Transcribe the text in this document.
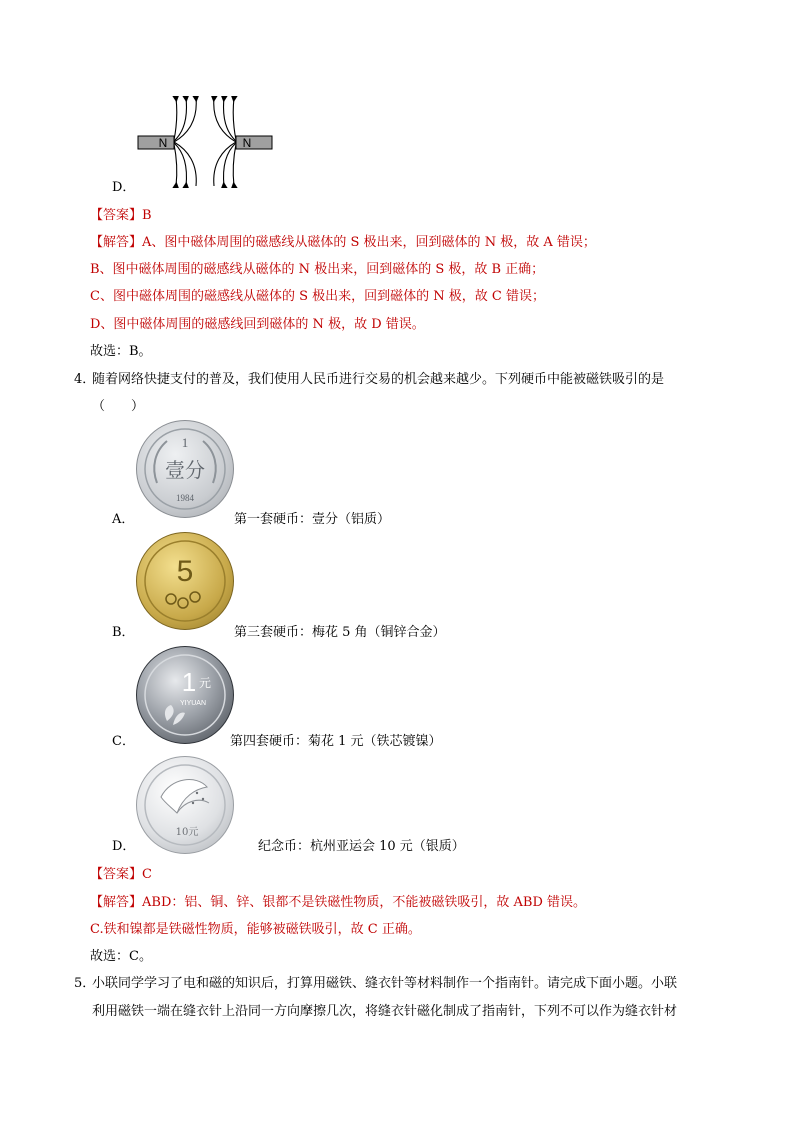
N	N
D．
【答案】B
【解答】A、图中磁体周围的磁感线从磁体的 S 极出来，回到磁体的 N 极，故 A 错误；
B、图中磁体周围的磁感线从磁体的 N 极出来，回到磁体的 S 极，故 B 正确；
C、图中磁体周围的磁感线从磁体的 S 极出来，回到磁体的 N 极，故 C 错误；
D、图中磁体周围的磁感线回到磁体的 N 极，故 D 错误。
故选：B。
4．
随着网络快捷支付的普及，我们使用人民币进行交易的机会越来越少。下列硬币中能被磁铁吸引的是
（　　）
1
壹分
1984
A．	第一套硬币：壹分（铝质）
5
B．	第三套硬币：梅花 5 角（铜锌合金）
1 元
YIYUAN
C．	第四套硬币：菊花 1 元（铁芯镀镍）
10元
D．	纪念币：杭州亚运会 10 元（银质）
【答案】C
【解答】ABD：铝、铜、锌、银都不是铁磁性物质，不能被磁铁吸引，故 ABD 错误。
C.铁和镍都是铁磁性物质，能够被磁铁吸引，故 C 正确。
故选：C。
5．
小联同学学习了电和磁的知识后，打算用磁铁、缝衣针等材料制作一个指南针。请完成下面小题。小联
利用磁铁一端在缝衣针上沿同一方向摩擦几次，将缝衣针磁化制成了指南针，下列不可以作为缝衣针材
